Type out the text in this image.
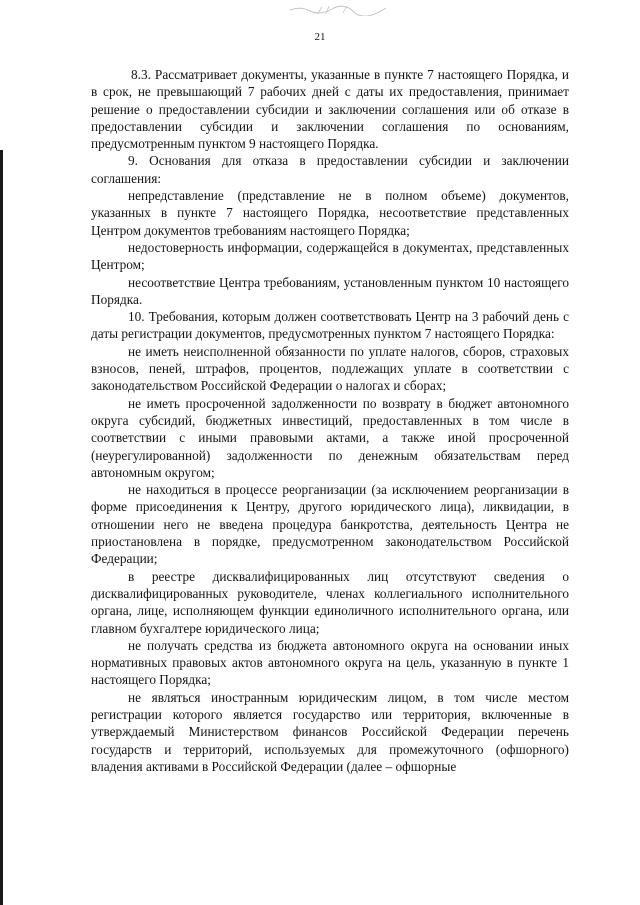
21

8.3. Рассматривает документы, указанные в пункте 7 настоящего Порядка, и в срок, не превышающий 7 рабочих дней с даты их предоставления, принимает решение о предоставлении субсидии и заключении соглашения или об отказе в предоставлении субсидии и заключении соглашения по основаниям, предусмотренным пунктом 9 настоящего Порядка.

9. Основания для отказа в предоставлении субсидии и заключении соглашения:

непредставление (представление не в полном объеме) документов, указанных в пункте 7 настоящего Порядка, несоответствие представленных Центром документов требованиям настоящего Порядка;

недостоверность информации, содержащейся в документах, представленных Центром;

несоответствие Центра требованиям, установленным пунктом 10 настоящего Порядка.

10. Требования, которым должен соответствовать Центр на 3 рабочий день с даты регистрации документов, предусмотренных пунктом 7 настоящего Порядка:

не иметь неисполненной обязанности по уплате налогов, сборов, страховых взносов, пеней, штрафов, процентов, подлежащих уплате в соответствии с законодательством Российской Федерации о налогах и сборах;

не иметь просроченной задолженности по возврату в бюджет автономного округа субсидий, бюджетных инвестиций, предоставленных в том числе в соответствии с иными правовыми актами, а также иной просроченной (неурегулированной) задолженности по денежным обязательствам перед автономным округом;

не находиться в процессе реорганизации (за исключением реорганизации в форме присоединения к Центру, другого юридического лица), ликвидации, в отношении него не введена процедура банкротства, деятельность Центра не приостановлена в порядке, предусмотренном законодательством Российской Федерации;

в реестре дисквалифицированных лиц отсутствуют сведения о дисквалифицированных руководителе, членах коллегиального исполнительного органа, лице, исполняющем функции единоличного исполнительного органа, или главном бухгалтере юридического лица;

не получать средства из бюджета автономного округа на основании иных нормативных правовых актов автономного округа на цель, указанную в пункте 1 настоящего Порядка;

не являться иностранным юридическим лицом, в том числе местом регистрации которого является государство или территория, включенные в утверждаемый Министерством финансов Российской Федерации перечень государств и территорий, используемых для промежуточного (офшорного) владения активами в Российской Федерации (далее – офшорные
